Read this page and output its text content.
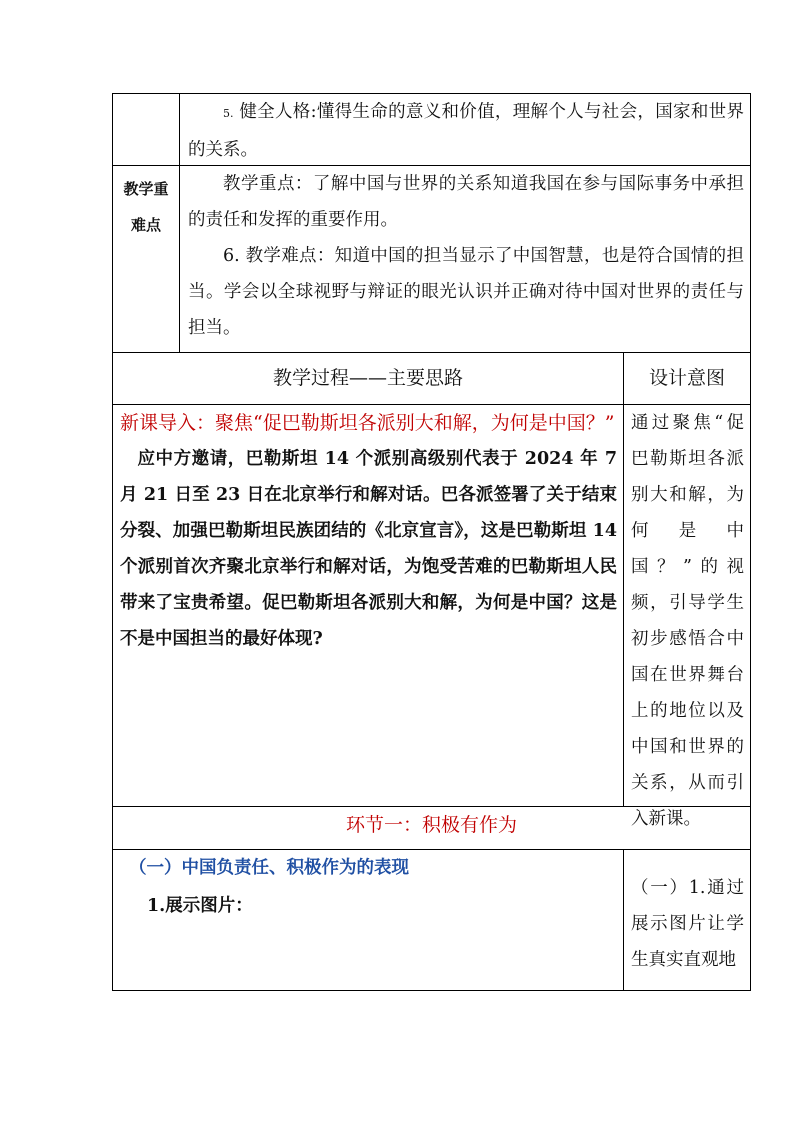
5. 健全人格:懂得生命的意义和价值，理解个人与社会，国家和世界的关系。

教学重

难点

教学重点：了解中国与世界的关系知道我国在参与国际事务中承担的责任和发挥的重要作用。

6. 教学难点：知道中国的担当显示了中国智慧，也是符合国情的担当。学会以全球视野与辩证的眼光认识并正确对待中国对世界的责任与担当。

教学过程——主要思路	设计意图

新课导入：聚焦“促巴勒斯坦各派别大和解，为何是中国？”

应中方邀请，巴勒斯坦 14 个派别高级别代表于 2024 年 7 月 21 日至 23 日在北京举行和解对话。巴各派签署了关于结束分裂、加强巴勒斯坦民族团结的《北京宣言》，这是巴勒斯坦 14 个派别首次齐聚北京举行和解对话，为饱受苦难的巴勒斯坦人民带来了宝贵希望。促巴勒斯坦各派别大和解，为何是中国？这是不是中国担当的最好体现?

通过聚焦“促巴勒斯坦各派别大和解，为何是中国？”的视频，引导学生初步感悟合中国在世界舞台上的地位以及中国和世界的关系，从而引入新课。

环节一：积极有作为

（一）中国负责任、积极作为的表现

1.展示图片：

（一）1.通过展示图片让学生真实直观地
